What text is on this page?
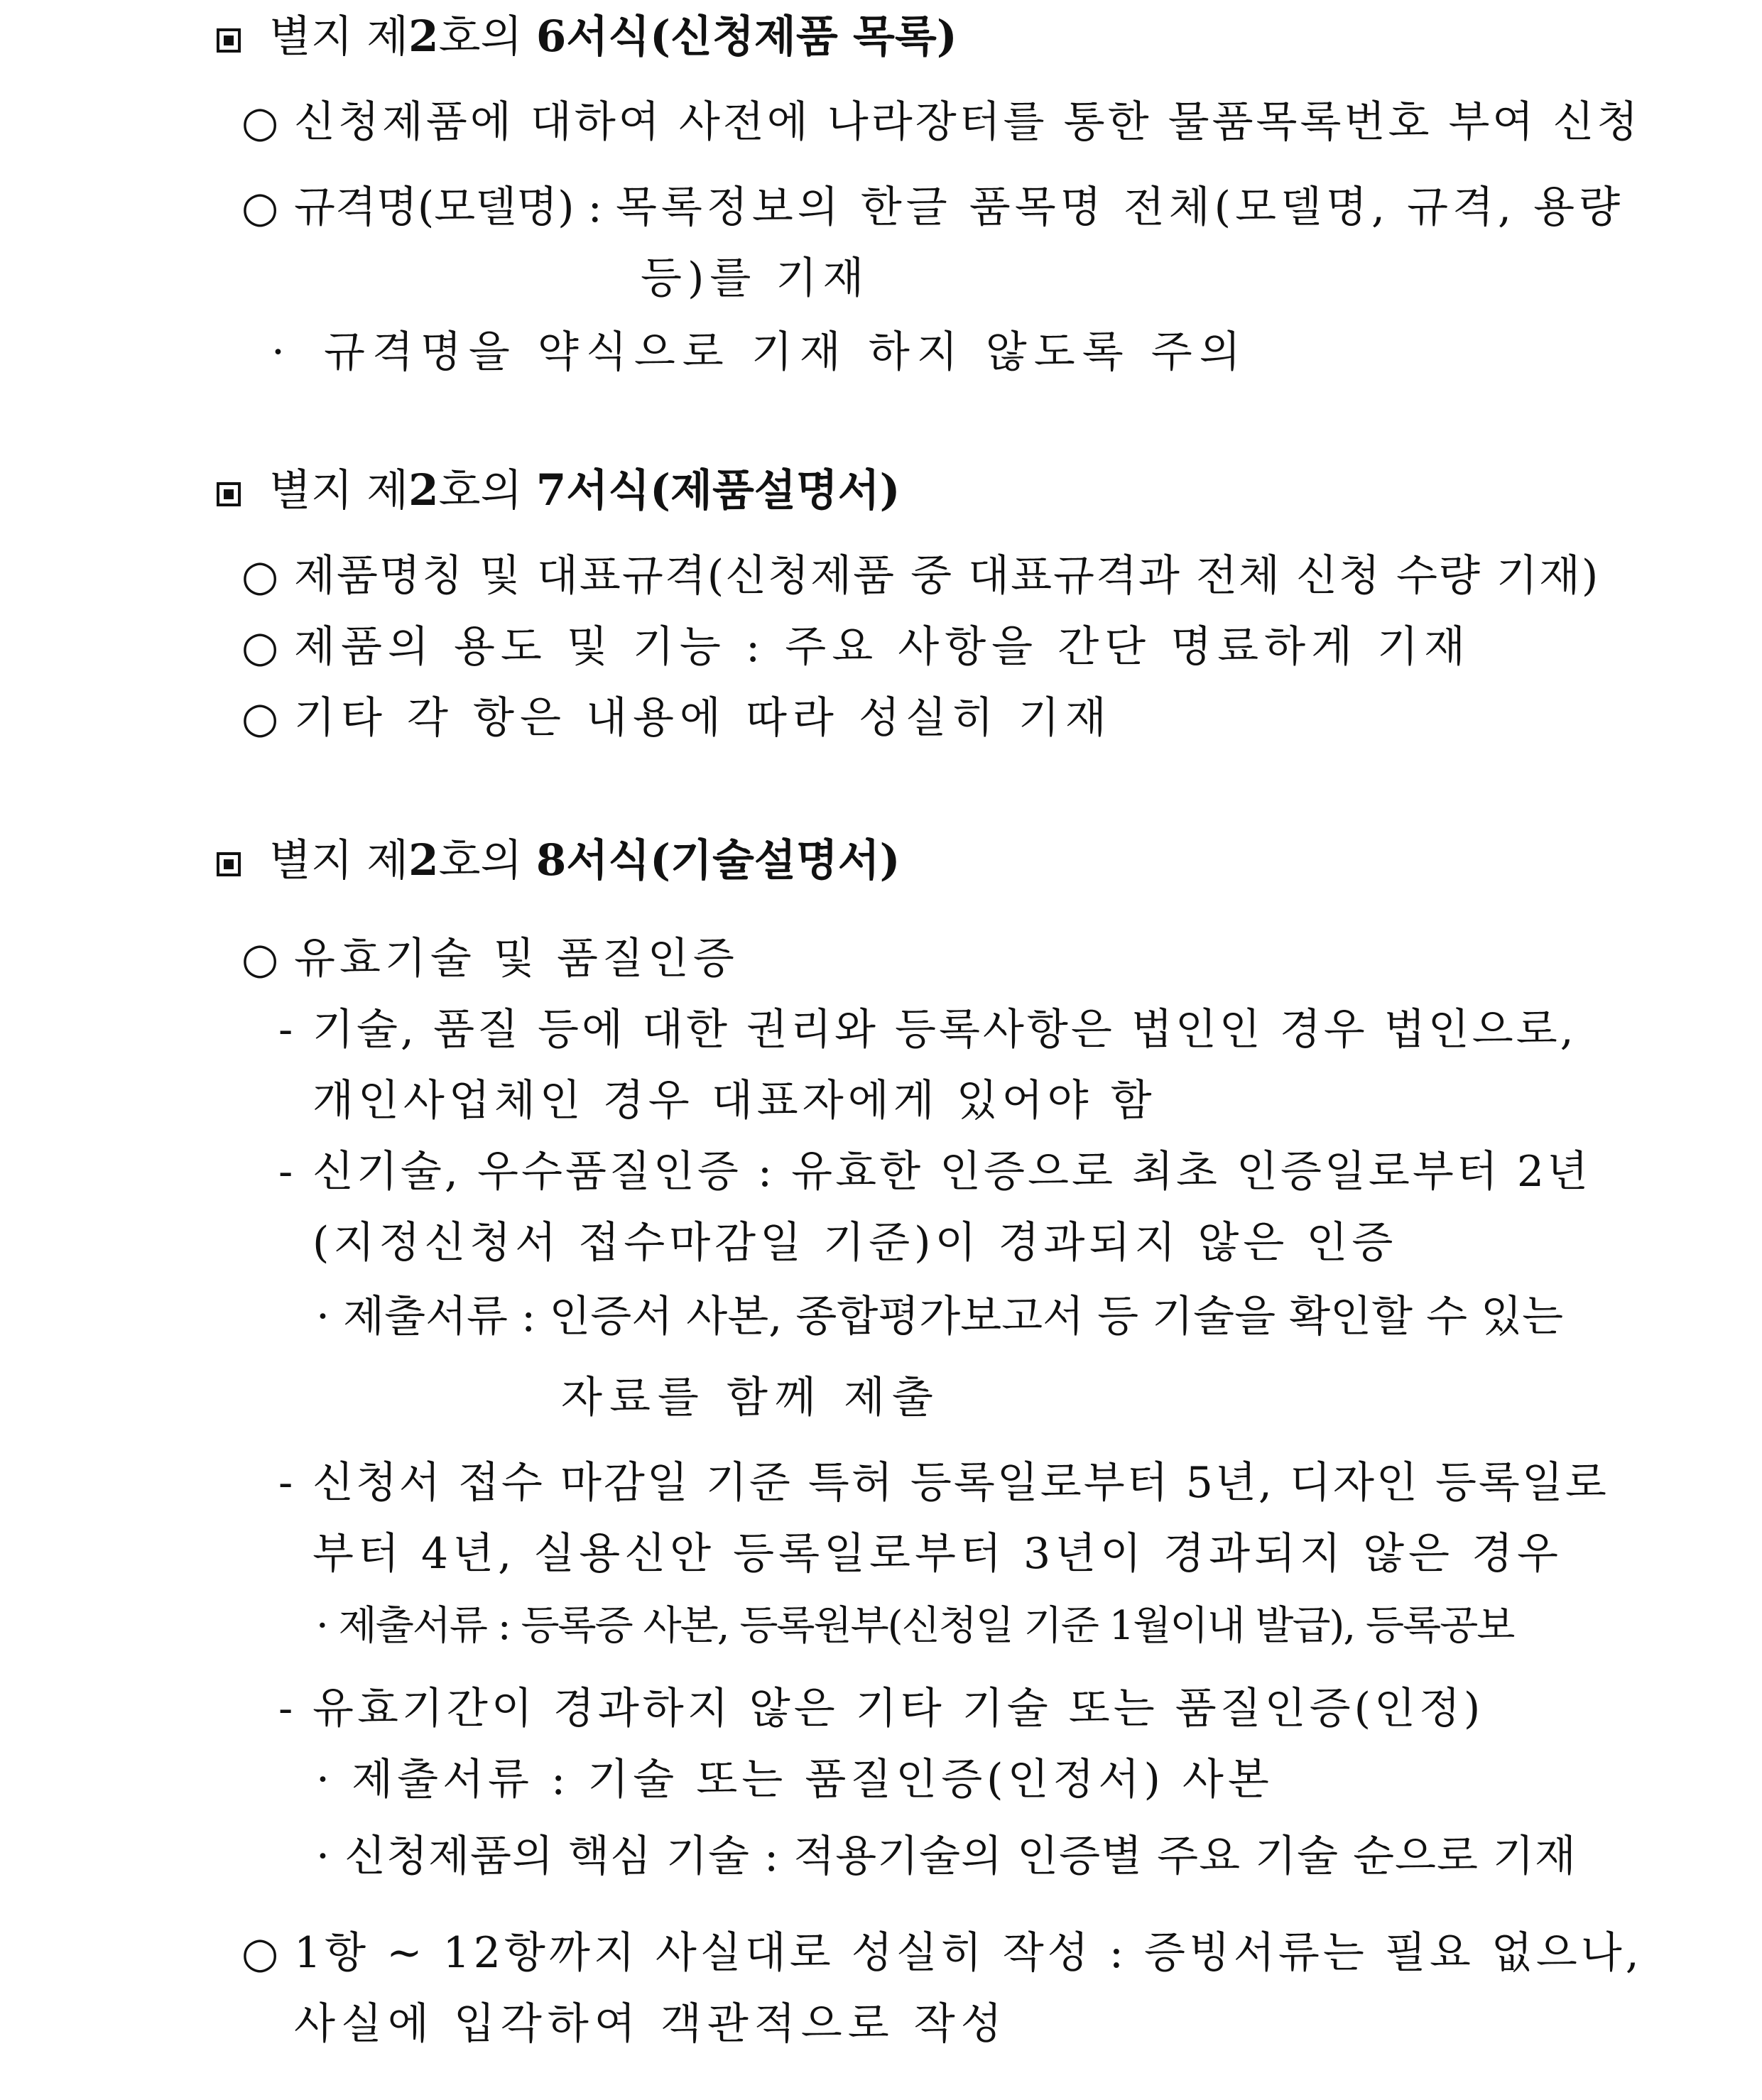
별지 제2호의 6서식(신청제품 목록)
○ 신청제품에 대하여 사전에 나라장터를 통한 물품목록번호 부여 신청
○ 규격명(모델명) : 목록정보의 한글 품목명 전체(모델명, 규격, 용량
등)를 기재
· 규격명을 약식으로 기재 하지 않도록 주의
별지 제2호의 7서식(제품설명서)
○ 제품명칭 및 대표규격(신청제품 중 대표규격과 전체 신청 수량 기재)
○ 제품의 용도 및 기능 : 주요 사항을 간단 명료하게 기재
○ 기타 각 항은 내용에 따라 성실히 기재
별지 제2호의 8서식(기술설명서)
○ 유효기술 및 품질인증
- 기술, 품질 등에 대한 권리와 등록사항은 법인인 경우 법인으로,
개인사업체인 경우 대표자에게 있어야 함
- 신기술, 우수품질인증 : 유효한 인증으로 최초 인증일로부터 2년
(지정신청서 접수마감일 기준)이 경과되지 않은 인증
· 제출서류 : 인증서 사본, 종합평가보고서 등 기술을 확인할 수 있는
자료를 함께 제출
- 신청서 접수 마감일 기준 특허 등록일로부터 5년, 디자인 등록일로
부터 4년, 실용신안 등록일로부터 3년이 경과되지 않은 경우
· 제출서류 : 등록증 사본, 등록원부(신청일 기준 1월이내 발급), 등록공보
- 유효기간이 경과하지 않은 기타 기술 또는 품질인증(인정)
· 제출서류 : 기술 또는 품질인증(인정서) 사본
· 신청제품의 핵심 기술 : 적용기술의 인증별 주요 기술 순으로 기재
○ 1항 ~ 12항까지 사실대로 성실히 작성 : 증빙서류는 필요 없으나,
사실에 입각하여 객관적으로 작성
